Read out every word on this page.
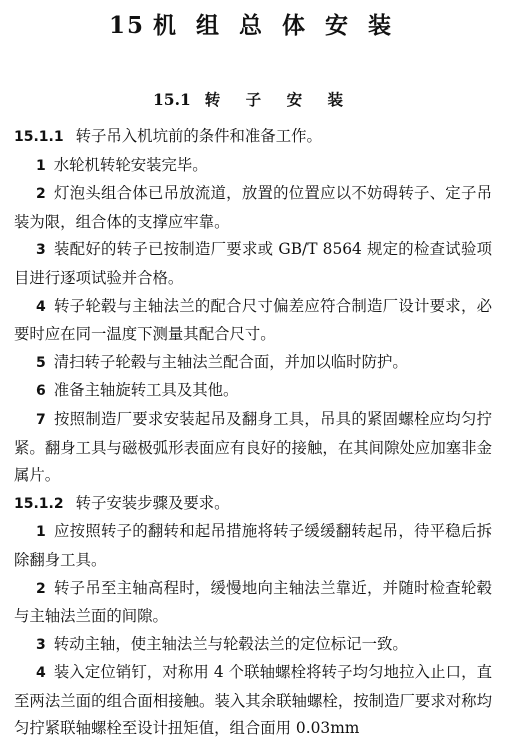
15 机 组 总 体 安 装
15.1 转 子 安 装

15.1.1 转子吊入机坑前的条件和准备工作。

1 水轮机转轮安装完毕。

2 灯泡头组合体已吊放流道，放置的位置应以不妨碍转子、定子吊装为限，组合体的支撑应牢靠。

3 装配好的转子已按制造厂要求或 GB/T 8564 规定的检查试验项目进行逐项试验并合格。

4 转子轮毂与主轴法兰的配合尺寸偏差应符合制造厂设计要求，必要时应在同一温度下测量其配合尺寸。

5 清扫转子轮毂与主轴法兰配合面，并加以临时防护。

6 准备主轴旋转工具及其他。

7 按照制造厂要求安装起吊及翻身工具，吊具的紧固螺栓应均匀拧紧。翻身工具与磁极弧形表面应有良好的接触，在其间隙处应加塞非金属片。

15.1.2 转子安装步骤及要求。

1 应按照转子的翻转和起吊措施将转子缓缓翻转起吊，待平稳后拆除翻身工具。

2 转子吊至主轴高程时，缓慢地向主轴法兰靠近，并随时检查轮毂与主轴法兰面的间隙。

3 转动主轴，使主轴法兰与轮毂法兰的定位标记一致。

4 装入定位销钉，对称用 4 个联轴螺栓将转子均匀地拉入止口，直至两法兰面的组合面相接触。装入其余联轴螺栓，按制造厂要求对称均匀拧紧联轴螺栓至设计扭矩值，组合面用 0.03mm
